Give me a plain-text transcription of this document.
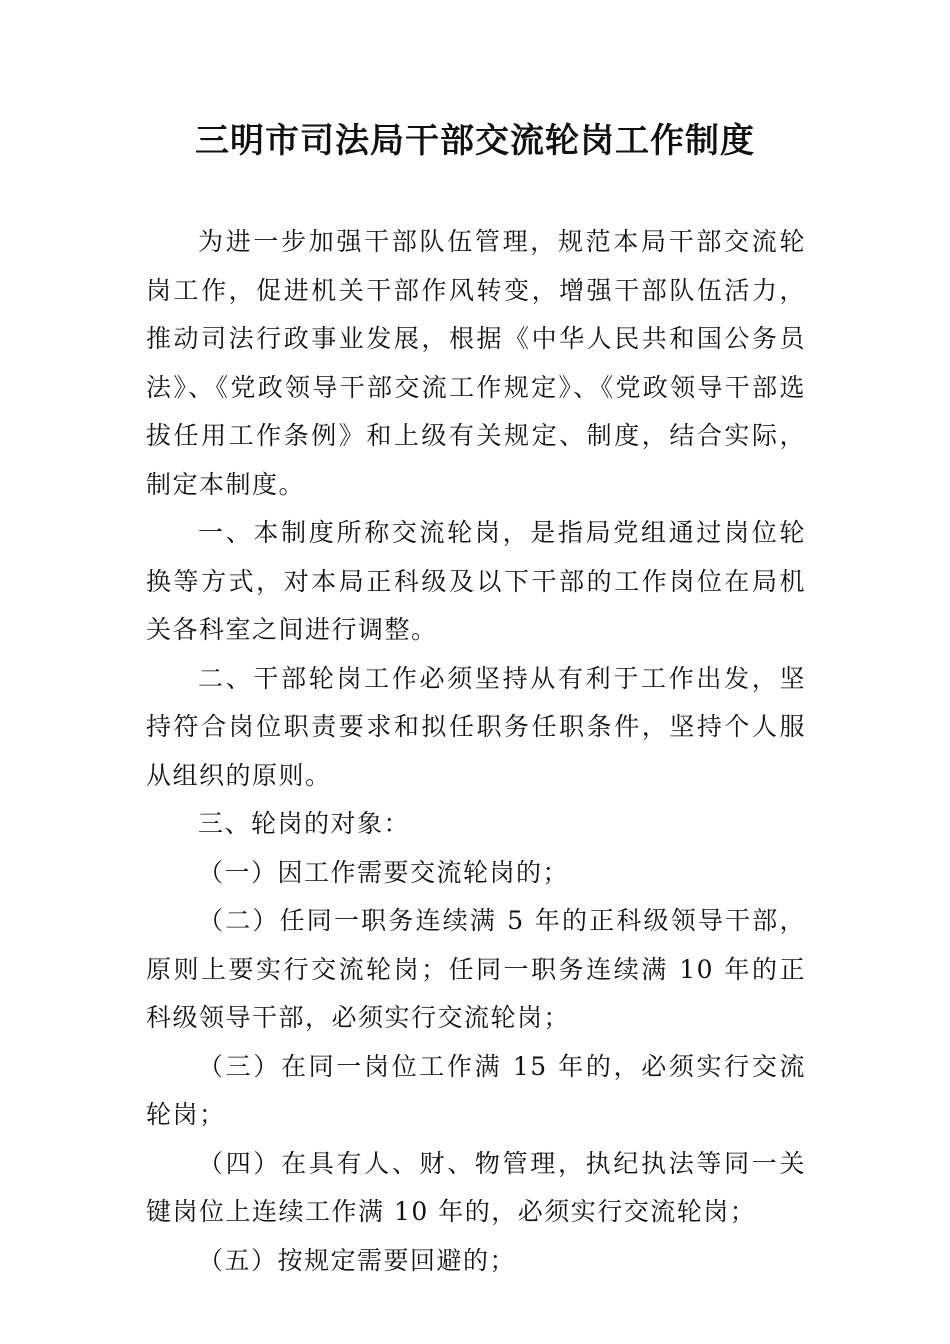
三明市司法局干部交流轮岗工作制度

为进一步加强干部队伍管理，规范本局干部交流轮岗工作，促进机关干部作风转变，增强干部队伍活力，推动司法行政事业发展，根据《中华人民共和国公务员法》、《党政领导干部交流工作规定》、《党政领导干部选拔任用工作条例》和上级有关规定、制度，结合实际，制定本制度。

一、本制度所称交流轮岗，是指局党组通过岗位轮换等方式，对本局正科级及以下干部的工作岗位在局机关各科室之间进行调整。

二、干部轮岗工作必须坚持从有利于工作出发，坚持符合岗位职责要求和拟任职务任职条件，坚持个人服从组织的原则。

三、轮岗的对象：

（一）因工作需要交流轮岗的；

（二）任同一职务连续满 5 年的正科级领导干部，原则上要实行交流轮岗；任同一职务连续满 10 年的正科级领导干部，必须实行交流轮岗；

（三）在同一岗位工作满 15 年的，必须实行交流轮岗；

（四）在具有人、财、物管理，执纪执法等同一关键岗位上连续工作满 10 年的，必须实行交流轮岗；

（五）按规定需要回避的；
